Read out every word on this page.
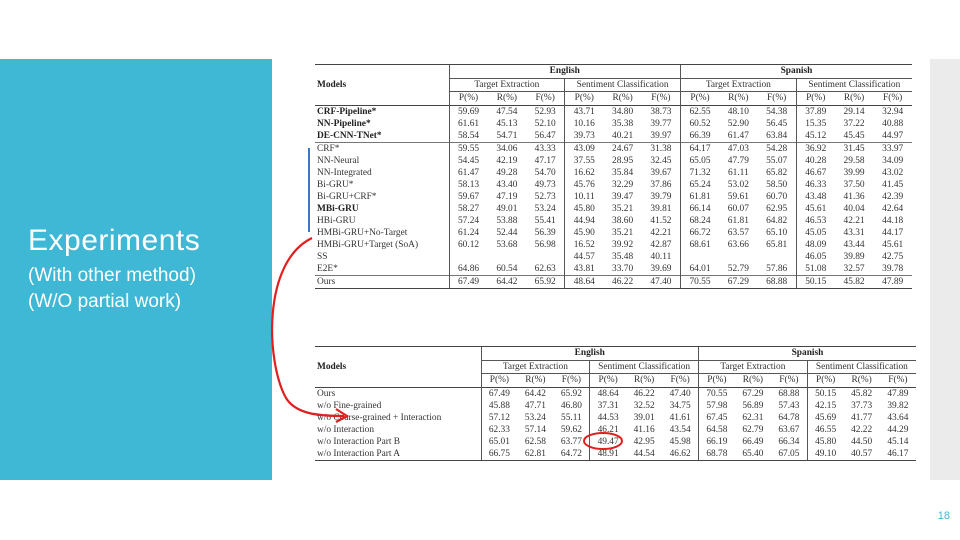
Experiments

(With other method)

(W/O partial work)

Models	English						Spanish					
	Target Extraction			Sentiment Classification			Target Extraction			Sentiment Classification		
	P(%)	R(%)	F(%)	P(%)	R(%)	F(%)	P(%)	R(%)	F(%)	P(%)	R(%)	F(%)
CRF-Pipeline*	59.69	47.54	52.93	43.71	34.80	38.73	62.55	48.10	54.38	37.89	29.14	32.94
NN-Pipeline*	61.61	45.13	52.10	10.16	35.38	39.77	60.52	52.90	56.45	15.35	37.22	40.88
DE-CNN-TNet*	58.54	54.71	56.47	39.73	40.21	39.97	66.39	61.47	63.84	45.12	45.45	44.97
CRF*	59.55	34.06	43.33	43.09	24.67	31.38	64.17	47.03	54.28	36.92	31.45	33.97
NN-Neural	54.45	42.19	47.17	37.55	28.95	32.45	65.05	47.79	55.07	40.28	29.58	34.09
NN-Integrated	61.47	49.28	54.70	16.62	35.84	39.67	71.32	61.11	65.82	46.67	39.99	43.02
Bi-GRU*	58.13	43.40	49.73	45.76	32.29	37.86	65.24	53.02	58.50	46.33	37.50	41.45
Bi-GRU+CRF*	59.67	47.19	52.73	10.11	39.47	39.79	61.81	59.61	60.70	43.48	41.36	42.39
MBi-GRU	58.27	49.01	53.24	45.80	35.21	39.81	66.14	60.07	62.95	45.61	40.04	42.64
HBi-GRU	57.24	53.88	55.41	44.94	38.60	41.52	68.24	61.81	64.82	46.53	42.21	44.18
HMBi-GRU+No-Target	61.24	52.44	56.39	45.90	35.21	42.21	66.72	63.57	65.10	45.05	43.31	44.17
HMBi-GRU+Target (SoA)	60.12	53.68	56.98	16.52	39.92	42.87	68.61	63.66	65.81	48.09	43.44	45.61
SS				44.57	35.48	40.11				46.05	39.89	42.75
E2E*	64.86	60.54	62.63	43.81	33.70	39.69	64.01	52.79	57.86	51.08	32.57	39.78
Ours	67.49	64.42	65.92	48.64	46.22	47.40	70.55	67.29	68.88	50.15	45.82	47.89
Models	English						Spanish					
	Target Extraction			Sentiment Classification			Target Extraction			Sentiment Classification		
	P(%)	R(%)	F(%)	P(%)	R(%)	F(%)	P(%)	R(%)	F(%)	P(%)	R(%)	F(%)
Ours	67.49	64.42	65.92	48.64	46.22	47.40	70.55	67.29	68.88	50.15	45.82	47.89
w/o Fine-grained	45.88	47.71	46.80	37.31	32.52	34.75	57.98	56.89	57.43	42.15	37.73	39.82
w/o Coarse-grained + Interaction	57.12	53.24	55.11	44.53	39.01	41.61	67.45	62.31	64.78	45.69	41.77	43.64
w/o Interaction	62.33	57.14	59.62	46.21	41.16	43.54	64.58	62.79	63.67	46.55	42.22	44.29
w/o Interaction Part B	65.01	62.58	63.77	49.47	42.95	45.98	66.19	66.49	66.34	45.80	44.50	45.14
w/o Interaction Part A	66.75	62.81	64.72	48.91	44.54	46.62	68.78	65.40	67.05	49.10	40.57	46.17
18
